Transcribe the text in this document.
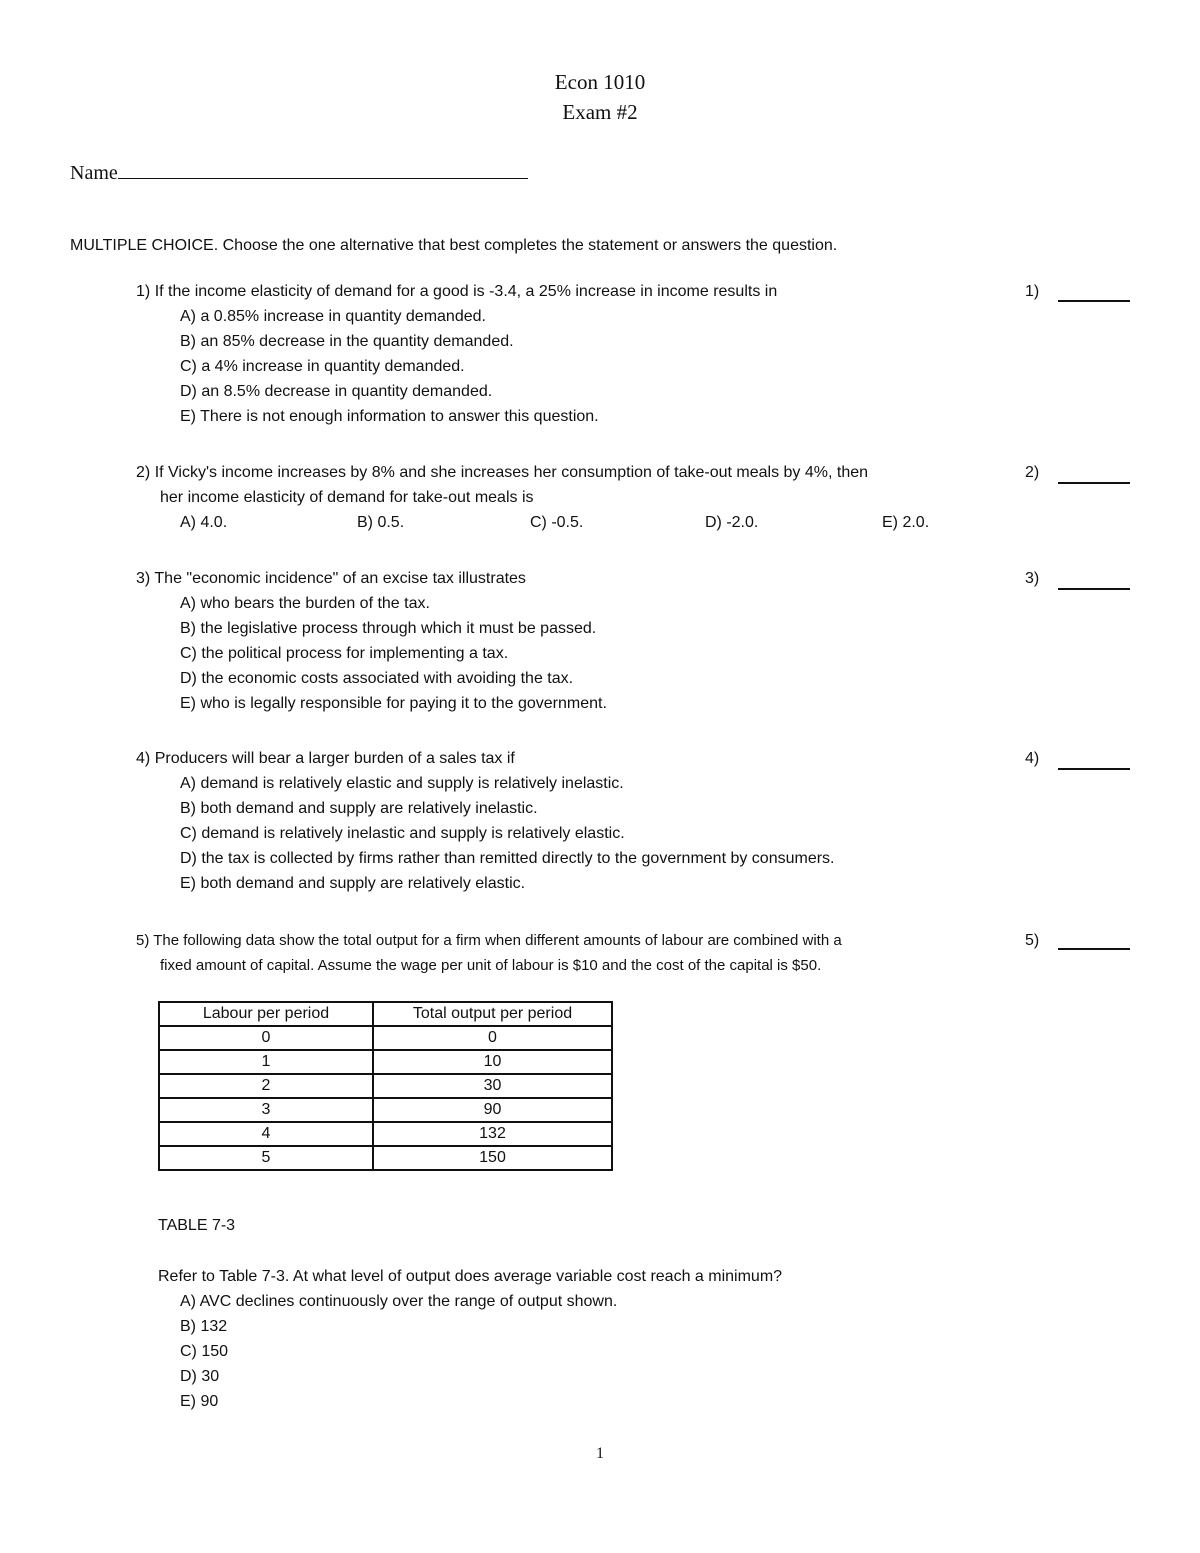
Econ 1010
Exam #2
Name
MULTIPLE CHOICE. Choose the one alternative that best completes the statement or answers the question.
1) If the income elasticity of demand for a good is -3.4, a 25% increase in income results in
A) a 0.85% increase in quantity demanded.
B) an 85% decrease in the quantity demanded.
C) a 4% increase in quantity demanded.
D) an 8.5% decrease in quantity demanded.
E) There is not enough information to answer this question.
1)
2) If Vicky's income increases by 8% and she increases her consumption of take-out meals by 4%, then
her income elasticity of demand for take-out meals is
A) 4.0.	B) 0.5.	C) -0.5.	D) -2.0.	E) 2.0.
2)
3) The "economic incidence" of an excise tax illustrates
A) who bears the burden of the tax.
B) the legislative process through which it must be passed.
C) the political process for implementing a tax.
D) the economic costs associated with avoiding the tax.
E) who is legally responsible for paying it to the government.
3)
4) Producers will bear a larger burden of a sales tax if
A) demand is relatively elastic and supply is relatively inelastic.
B) both demand and supply are relatively inelastic.
C) demand is relatively inelastic and supply is relatively elastic.
D) the tax is collected by firms rather than remitted directly to the government by consumers.
E) both demand and supply are relatively elastic.
4)
5) The following data show the total output for a firm when different amounts of labour are combined with a
fixed amount of capital. Assume the wage per unit of labour is $10 and the cost of the capital is $50.
5)
Labour per period	Total output per period
0	0
1	10
2	30
3	90
4	132
5	150
TABLE 7-3
Refer to Table 7-3. At what level of output does average variable cost reach a minimum?
A) AVC declines continuously over the range of output shown.
B) 132
C) 150
D) 30
E) 90
1
